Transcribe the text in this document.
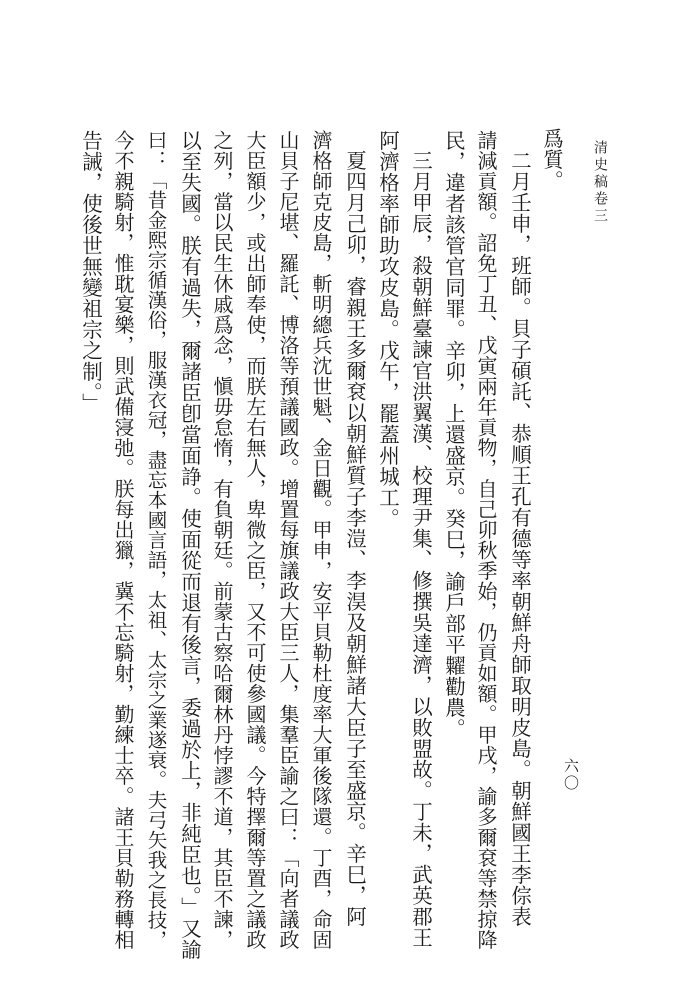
清史稿卷三
六〇
爲質。
二月壬申，班師。貝子碩託、恭順王孔有德等率朝鮮舟師取明皮島。朝鮮國王李倧表
請減貢額。詔免丁丑、戊寅兩年貢物，自己卯秋季始，仍貢如額。甲戌，諭多爾袞等禁掠降
民，違者該管官同罪。辛卯，上還盛京。癸巳，諭戶部平糶勸農。
三月甲辰，殺朝鮮臺諫官洪翼漢、校理尹集、修撰吳達濟，以敗盟故。丁未，武英郡王
阿濟格率師助攻皮島。戊午，罷蓋州城工。
夏四月己卯，睿親王多爾袞以朝鮮質子李溰、李淏及朝鮮諸大臣子至盛京。辛巳，阿
濟格師克皮島，斬明總兵沈世魁、金日觀。甲申，安平貝勒杜度率大軍後隊還。丁酉，命固
山貝子尼堪、羅託、博洛等預議國政。增置每旗議政大臣三人，集羣臣諭之曰：「向者議政
大臣額少，或出師奉使，而朕左右無人，卑微之臣，又不可使參國議。今特擇爾等置之議政
之列，當以民生休戚爲念，愼毋怠惰，有負朝廷。前蒙古察哈爾林丹悖謬不道，其臣不諫，
以至失國。朕有過失，爾諸臣卽當面諍。使面從而退有後言，委過於上，非純臣也。」又諭
曰：「昔金熙宗循漢俗，服漢衣冠，盡忘本國言語，太祖、太宗之業遂衰。夫弓矢我之長技，
今不親騎射，惟耽宴樂，則武備寖弛。朕每出獵，冀不忘騎射，勤練士卒。諸王貝勒務轉相
告誡，使後世無變祖宗之制。」
